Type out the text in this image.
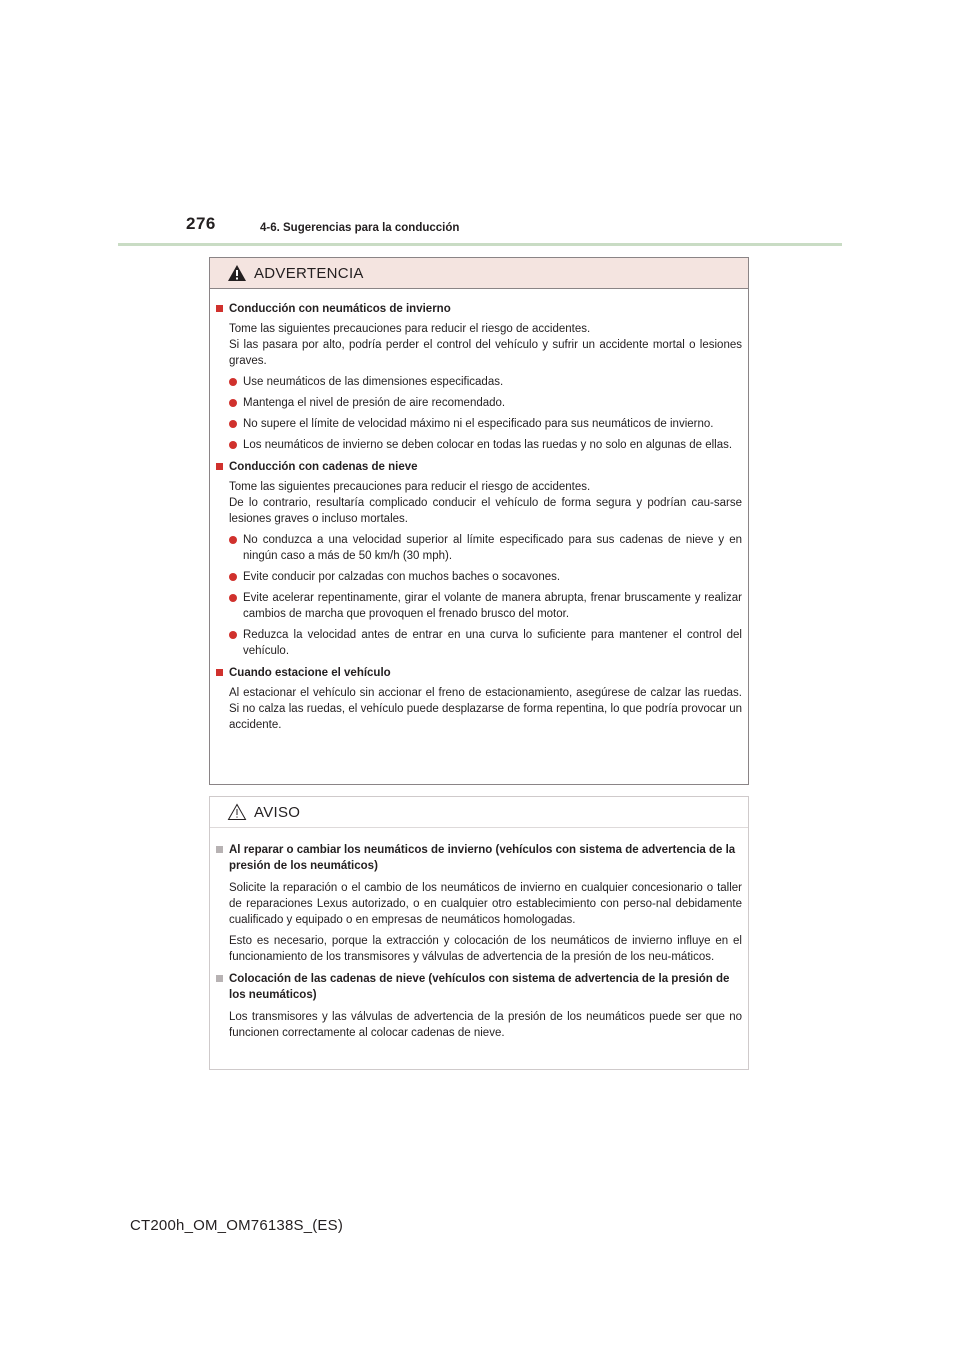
276	4-6. Sugerencias para la conducción
ADVERTENCIA
Conducción con neumáticos de invierno
Tome las siguientes precauciones para reducir el riesgo de accidentes.
Si las pasara por alto, podría perder el control del vehículo y sufrir un accidente mortal o lesiones graves.
Use neumáticos de las dimensiones especificadas.
Mantenga el nivel de presión de aire recomendado.
No supere el límite de velocidad máximo ni el especificado para sus neumáticos de invierno.
Los neumáticos de invierno se deben colocar en todas las ruedas y no solo en algunas de ellas.
Conducción con cadenas de nieve
Tome las siguientes precauciones para reducir el riesgo de accidentes.
De lo contrario, resultaría complicado conducir el vehículo de forma segura y podrían cau-sarse lesiones graves o incluso mortales.
No conduzca a una velocidad superior al límite especificado para sus cadenas de nieve y en ningún caso a más de 50 km/h (30 mph).
Evite conducir por calzadas con muchos baches o socavones.
Evite acelerar repentinamente, girar el volante de manera abrupta, frenar bruscamente y realizar cambios de marcha que provoquen el frenado brusco del motor.
Reduzca la velocidad antes de entrar en una curva lo suficiente para mantener el control del vehículo.
Cuando estacione el vehículo
Al estacionar el vehículo sin accionar el freno de estacionamiento, asegúrese de calzar las ruedas. Si no calza las ruedas, el vehículo puede desplazarse de forma repentina, lo que podría provocar un accidente.
AVISO
Al reparar o cambiar los neumáticos de invierno (vehículos con sistema de advertencia de la presión de los neumáticos)
Solicite la reparación o el cambio de los neumáticos de invierno en cualquier concesionario o taller de reparaciones Lexus autorizado, o en cualquier otro establecimiento con perso-nal debidamente cualificado y equipado o en empresas de neumáticos homologadas.
Esto es necesario, porque la extracción y colocación de los neumáticos de invierno influye en el funcionamiento de los transmisores y válvulas de advertencia de la presión de los neu-máticos.
Colocación de las cadenas de nieve (vehículos con sistema de advertencia de la presión de los neumáticos)
Los transmisores y las válvulas de advertencia de la presión de los neumáticos puede ser que no funcionen correctamente al colocar cadenas de nieve.
CT200h_OM_OM76138S_(ES)
